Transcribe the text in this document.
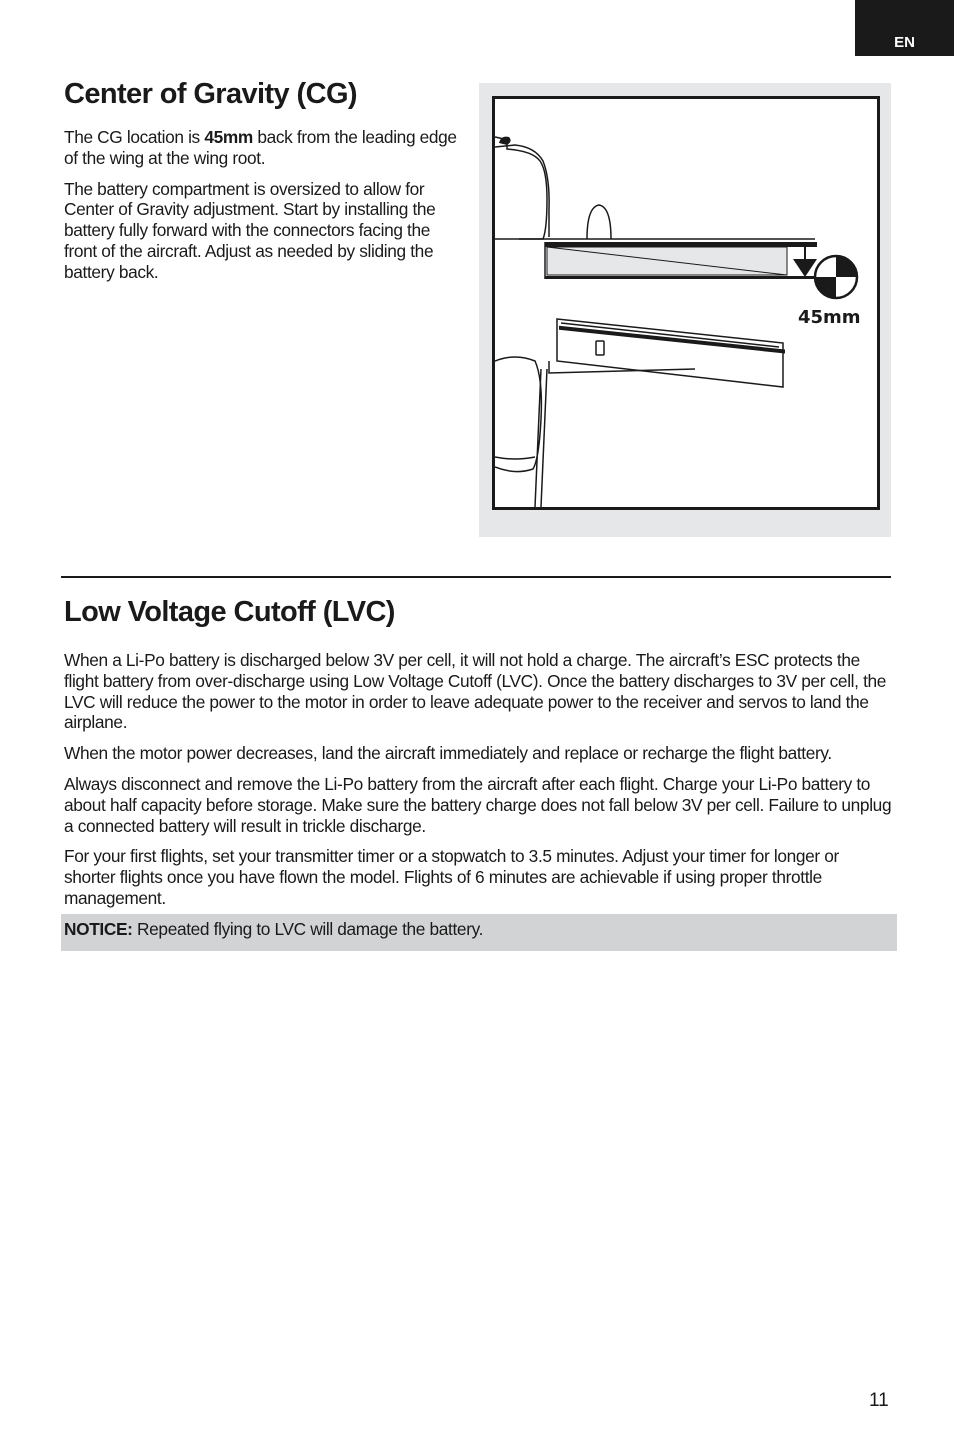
EN
Center of Gravity (CG)

The CG location is 45mm back from the leading edge of the wing at the wing root.

The battery compartment is oversized to allow for Center of Gravity adjustment. Start by installing the battery fully forward with the connectors facing the front of the aircraft. Adjust as needed by sliding the battery back.

45mm
Low Voltage Cutoff (LVC)

When a Li-Po battery is discharged below 3V per cell, it will not hold a charge. The aircraft’s ESC protects the flight battery from over-discharge using Low Voltage Cutoff (LVC). Once the battery discharges to 3V per cell, the LVC will reduce the power to the motor in order to leave adequate power to the receiver and servos to land the airplane.

When the motor power decreases, land the aircraft immediately and replace or recharge the flight battery.

Always disconnect and remove the Li-Po battery from the aircraft after each flight. Charge your Li-Po battery to about half capacity before storage. Make sure the battery charge does not fall below 3V per cell. Failure to unplug a connected battery will result in trickle discharge.

For your first flights, set your transmitter timer or a stopwatch to 3.5 minutes. Adjust your timer for longer or shorter flights once you have flown the model. Flights of 6 minutes are achievable if using proper throttle management.

NOTICE: Repeated flying to LVC will damage the battery.
11
